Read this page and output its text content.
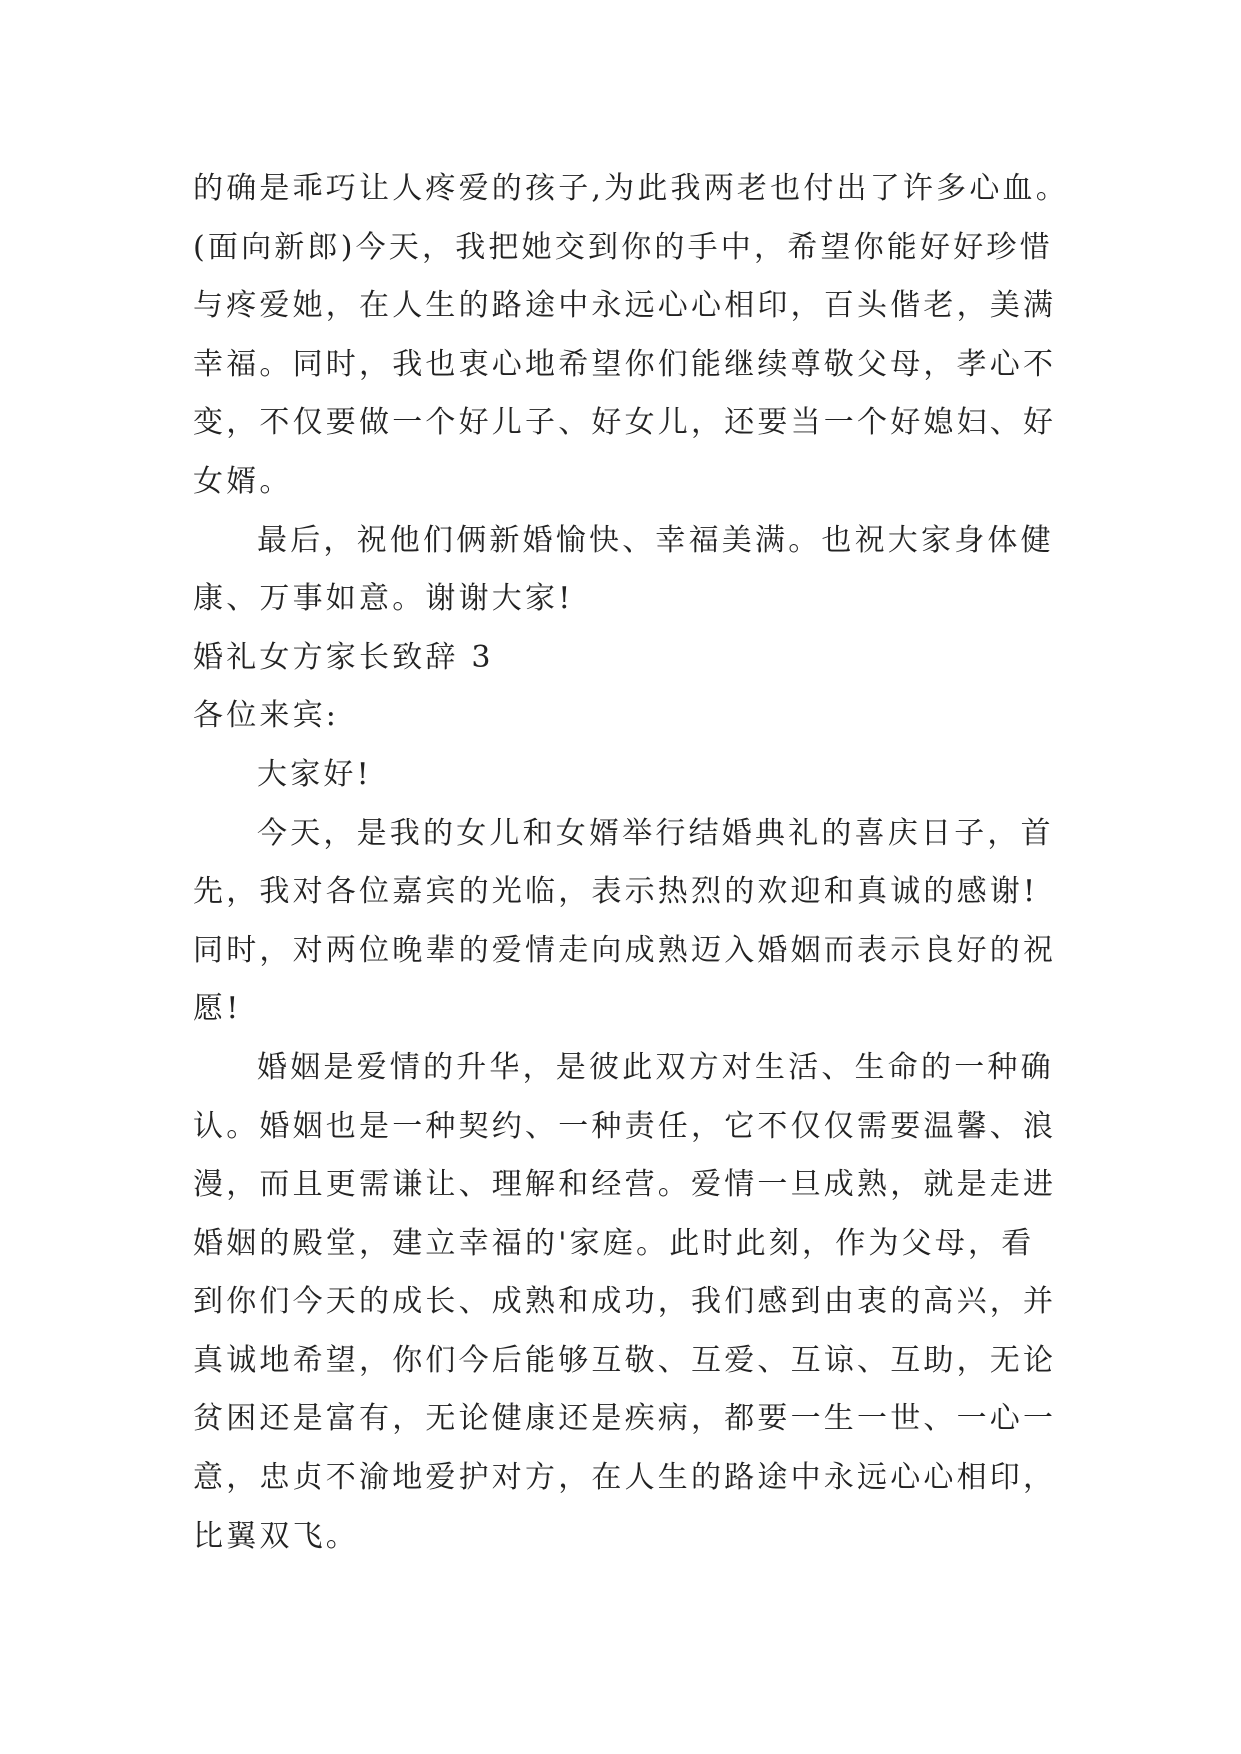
的确是乖巧让人疼爱的孩子,为此我两老也付出了许多心血。
(面向新郎)今天，我把她交到你的手中，希望你能好好珍惜
与疼爱她，在人生的路途中永远心心相印，百头偕老，美满
幸福。同时，我也衷心地希望你们能继续尊敬父母，孝心不
变，不仅要做一个好儿子、好女儿，还要当一个好媳妇、好
女婿。
最后，祝他们俩新婚愉快、幸福美满。也祝大家身体健
康、万事如意。谢谢大家!
婚礼女方家长致辞 3
各位来宾:
大家好!
今天，是我的女儿和女婿举行结婚典礼的喜庆日子，首
先，我对各位嘉宾的光临，表示热烈的欢迎和真诚的感谢!
同时，对两位晚辈的爱情走向成熟迈入婚姻而表示良好的祝
愿!
婚姻是爱情的升华，是彼此双方对生活、生命的一种确
认。婚姻也是一种契约、一种责任，它不仅仅需要温馨、浪
漫，而且更需谦让、理解和经营。爱情一旦成熟，就是走进
婚姻的殿堂，建立幸福的'家庭。此时此刻，作为父母，看
到你们今天的成长、成熟和成功，我们感到由衷的高兴，并
真诚地希望，你们今后能够互敬、互爱、互谅、互助，无论
贫困还是富有，无论健康还是疾病，都要一生一世、一心一
意，忠贞不渝地爱护对方，在人生的路途中永远心心相印，
比翼双飞。
